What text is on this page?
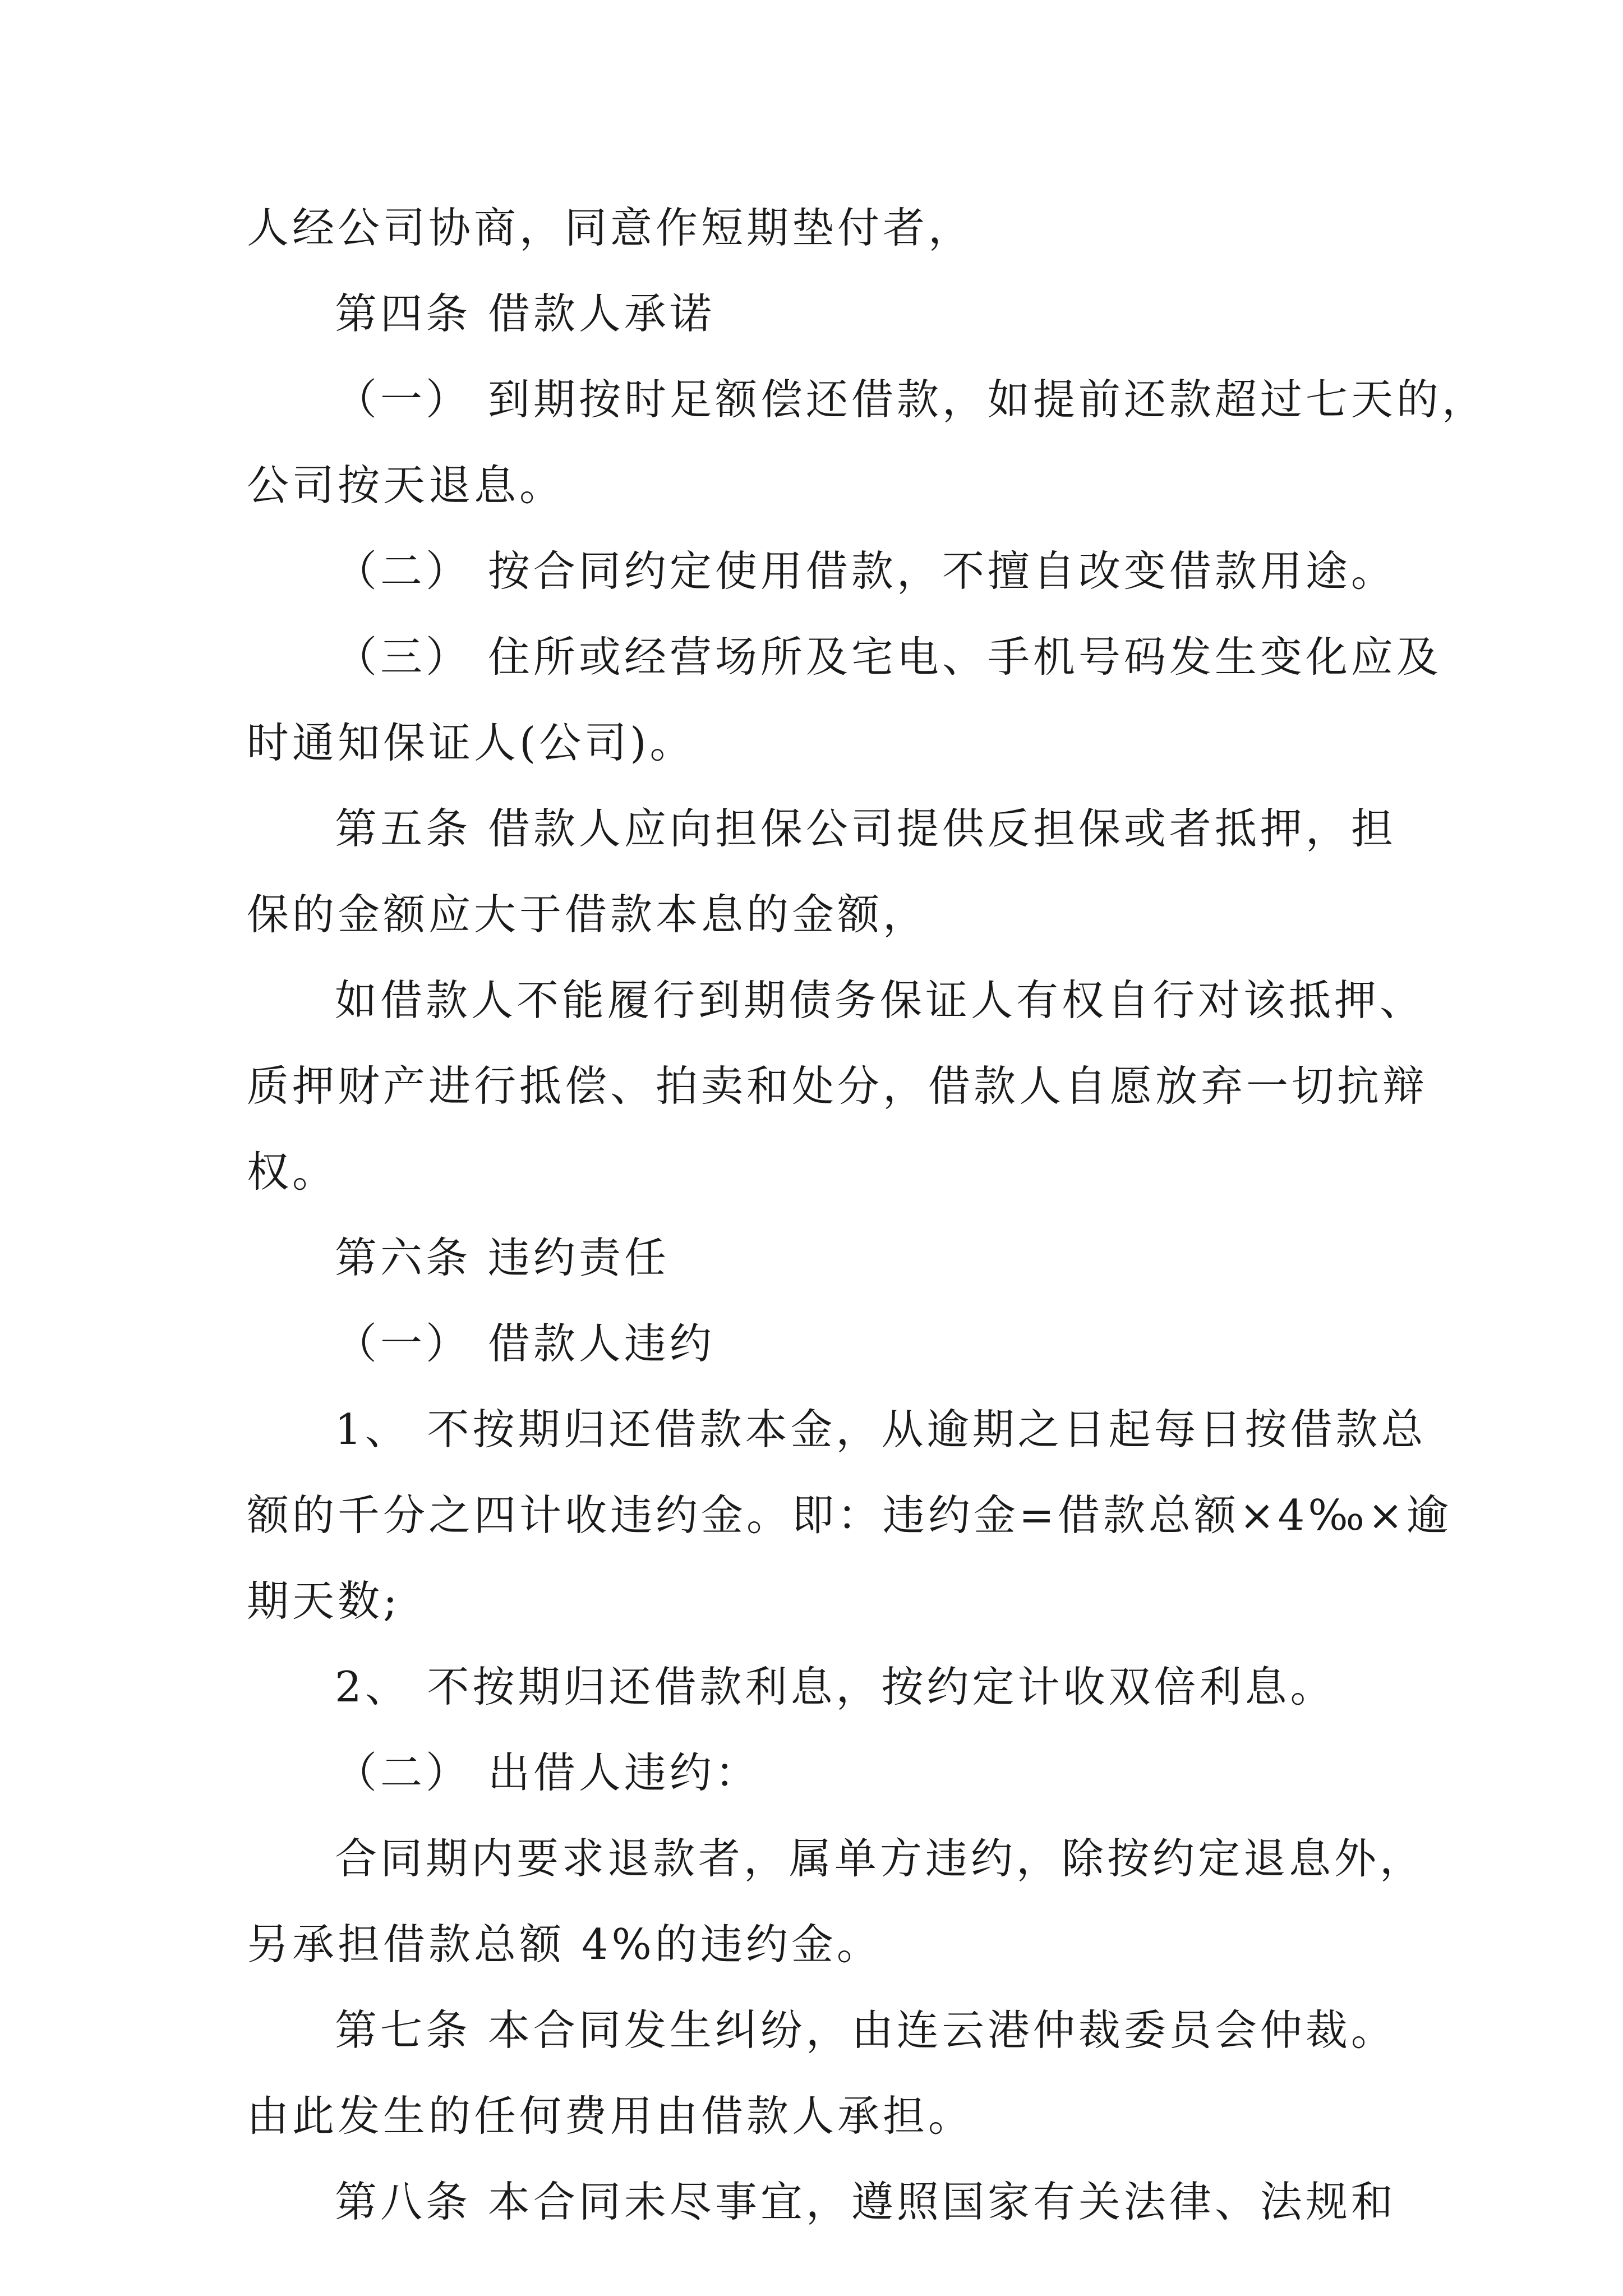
人经公司协商，同意作短期垫付者，
第四条 借款人承诺
（一） 到期按时足额偿还借款，如提前还款超过七天的，
公司按天退息。
（二） 按合同约定使用借款，不擅自改变借款用途。
（三） 住所或经营场所及宅电、手机号码发生变化应及
时通知保证人(公司)。
第五条 借款人应向担保公司提供反担保或者抵押，担
保的金额应大于借款本息的金额，
如借款人不能履行到期债务保证人有权自行对该抵押、
质押财产进行抵偿、拍卖和处分，借款人自愿放弃一切抗辩
权。
第六条 违约责任
（一） 借款人违约
1、 不按期归还借款本金，从逾期之日起每日按借款总
额的千分之四计收违约金。即：违约金=借款总额×4‰×逾
期天数;
2、 不按期归还借款利息，按约定计收双倍利息。
（二） 出借人违约：
合同期内要求退款者，属单方违约，除按约定退息外，
另承担借款总额 4%的违约金。
第七条 本合同发生纠纷，由连云港仲裁委员会仲裁。
由此发生的任何费用由借款人承担。
第八条 本合同未尽事宜，遵照国家有关法律、法规和
